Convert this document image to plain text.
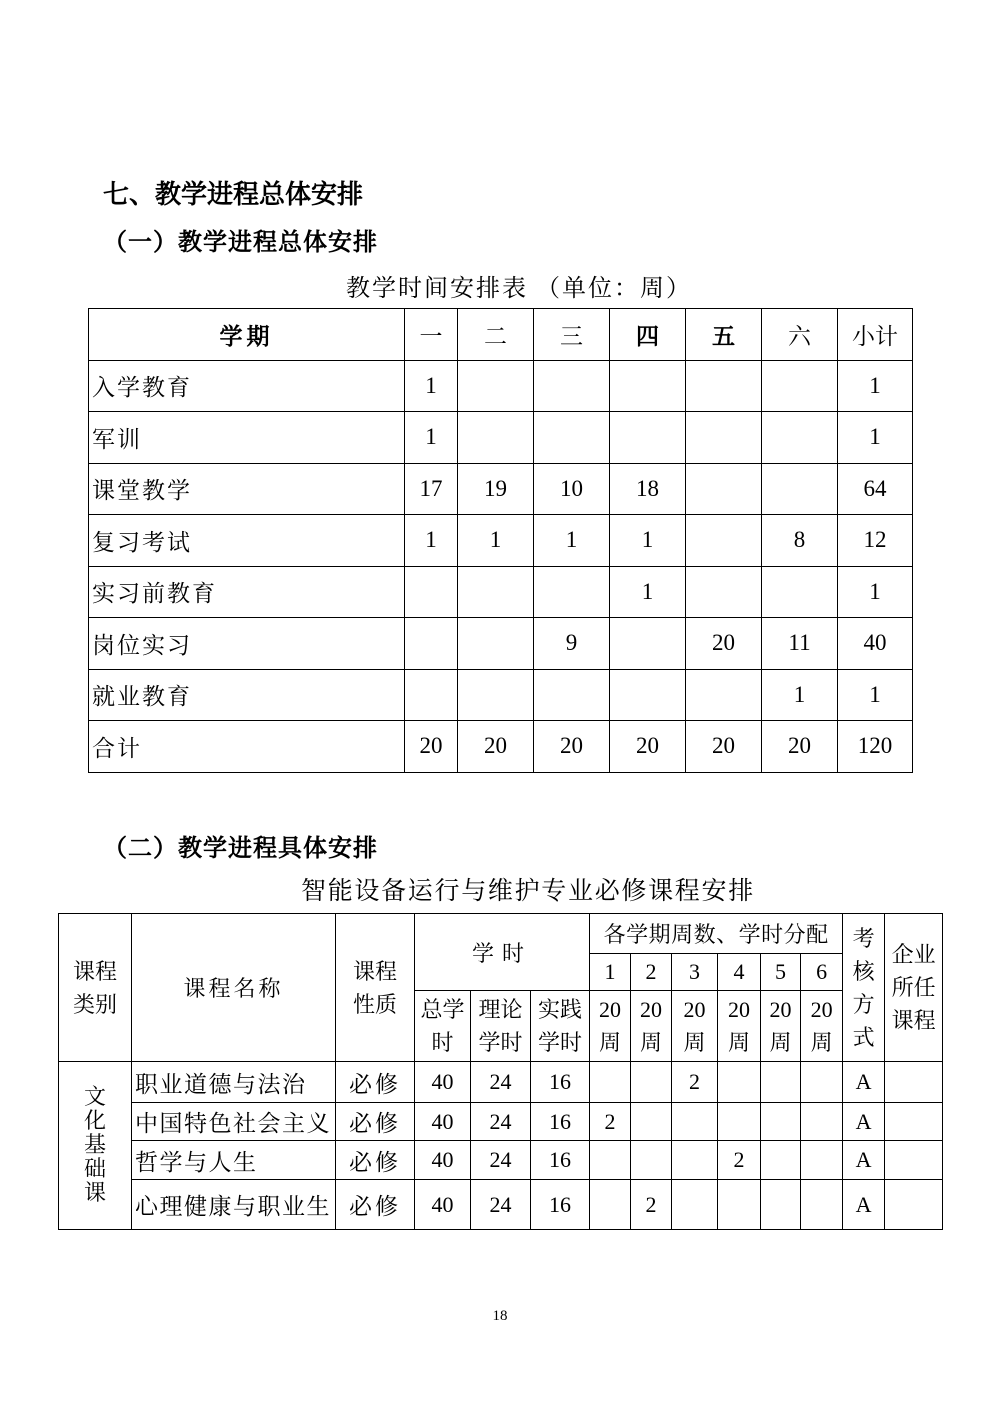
七、教学进程总体安排
（一）教学进程总体安排
教学时间安排表 （单位：周）
学期	一	二	三	四	五	六	小计
入学教育	1						1
军训	1						1
课堂教学	17	19	10	18			64
复习考试	1	1	1	1		8	12
实习前教育				1			1
岗位实习			9		20	11	40
就业教育						1	1
合计	20	20	20	20	20	20	120
（二）教学进程具体安排
智能设备运行与维护专业必修课程安排
课程类别	课程名称	课程性质	学时			各学期周数、学时分配						考核方式	企业所任课程
						1	2	3	4	5	6		
			总学时	理论学时	实践学时	20周	20周	20周	20周	20周	20周		
文化基础课	职业道德与法治	必修	40	24	16			2				A	
	中国特色社会主义	必修	40	24	16	2						A	
	哲学与人生	必修	40	24	16				2			A	
	心理健康与职业生	必修	40	24	16		2					A	
18
